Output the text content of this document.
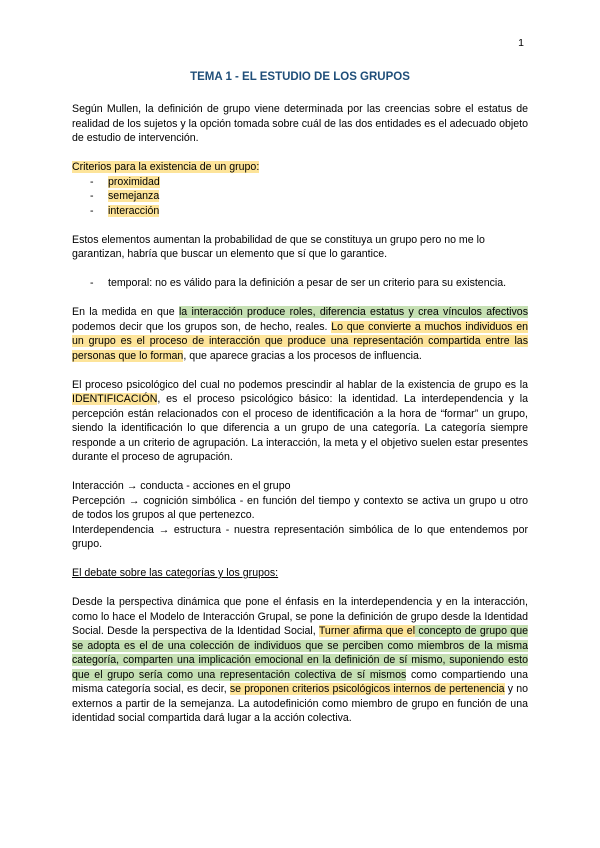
1
TEMA 1 - EL ESTUDIO DE LOS GRUPOS

Según Mullen, la definición de grupo viene determinada por las creencias sobre el estatus de realidad de los sujetos y la opción tomada sobre cuál de las dos entidades es el adecuado objeto de estudio de intervención.

Criterios para la existencia de un grupo:

- proximidad
- semejanza
- interacción

Estos elementos aumentan la probabilidad de que se constituya un grupo pero no me lo garantizan, habría que buscar un elemento que sí que lo garantice.

- temporal: no es válido para la definición a pesar de ser un criterio para su existencia.

En la medida en que la interacción produce roles, diferencia estatus y crea vínculos afectivos podemos decir que los grupos son, de hecho, reales. Lo que convierte a muchos individuos en un grupo es el proceso de interacción que produce una representación compartida entre las personas que lo forman, que aparece gracias a los procesos de influencia.

El proceso psicológico del cual no podemos prescindir al hablar de la existencia de grupo es la IDENTIFICACIÓN, es el proceso psicológico básico: la identidad. La interdependencia y la percepción están relacionados con el proceso de identificación a la hora de “formar” un grupo, siendo la identificación lo que diferencia a un grupo de una categoría. La categoría siempre responde a un criterio de agrupación. La interacción, la meta y el objetivo suelen estar presentes durante el proceso de agrupación.

Interacción → conducta - acciones en el grupo

Percepción → cognición simbólica - en función del tiempo y contexto se activa un grupo u otro de todos los grupos al que pertenezco.

Interdependencia → estructura - nuestra representación simbólica de lo que entendemos por grupo.

El debate sobre las categorías y los grupos:

Desde la perspectiva dinámica que pone el énfasis en la interdependencia y en la interacción, como lo hace el Modelo de Interacción Grupal, se pone la definición de grupo desde la Identidad Social. Desde la perspectiva de la Identidad Social, Turner afirma que el concepto de grupo que se adopta es el de una colección de individuos que se perciben como miembros de la misma categoría, comparten una implicación emocional en la definición de sí mismo, suponiendo esto que el grupo sería como una representación colectiva de sí mismos como compartiendo una misma categoría social, es decir, se proponen criterios psicológicos internos de pertenencia y no externos a partir de la semejanza. La autodefinición como miembro de grupo en función de una identidad social compartida dará lugar a la acción colectiva.
